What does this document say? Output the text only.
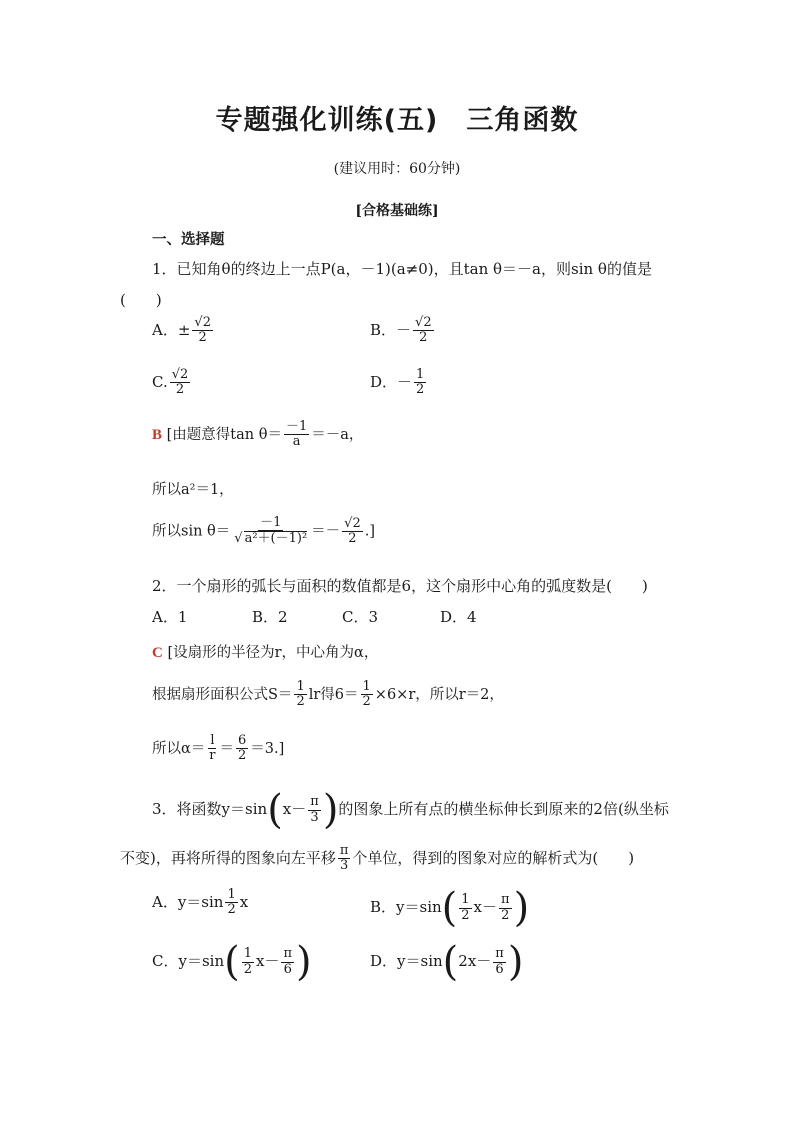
专题强化训练(五)　三角函数
(建议用时：60分钟)
[合格基础练]
一、选择题
1．已知角θ的终边上一点P(a，－1)(a≠0)，且tan θ＝－a，则sin θ的值是
(　　)
A．± $\frac{√2}{2}$	B．－ $\frac{√2}{2}$
C. $\frac{√2}{2}$	D．－ $\frac{1}{2}$
B [由题意得$\tan \theta= \frac{-1}{a} =-a$，
所以a²＝1，
所以$\sin \theta= \frac{-1}{\text{√ a²＋(－1)²}} =- \frac{√2}{2}$ .]
2．一个扇形的弧长与面积的数值都是6，这个扇形中心角的弧度数是(　　)
A．1	B．2	C．3	D．4
C [设扇形的半径为r，中心角为α，
根据扇形面积公式$S= \frac{1}{2}$ lr得$6= \frac{1}{2} \times 6\times r$，所以r＝2，
所以$\alpha= \frac{l}{r} = \frac{6}{2} =3$.]
3．将函数$y=\sin(x- \frac{\pi}{3}$ )的图象上所有点的横坐标伸长到原来的2倍(纵坐标
不变)，再将所得的图象向左平移 $\frac{\pi}{3}$ 个单位，得到的图象对应的解析式为(　　)
A．$y=\sin \frac{1}{2}$ x	B．$y=\sin( \frac{1}{2} x- \frac{\pi}{2}$ )
C．$y=\sin( \frac{1}{2} x- \frac{\pi}{6}$ )	D．$y=\sin(2x- \frac{\pi}{6}$ )
